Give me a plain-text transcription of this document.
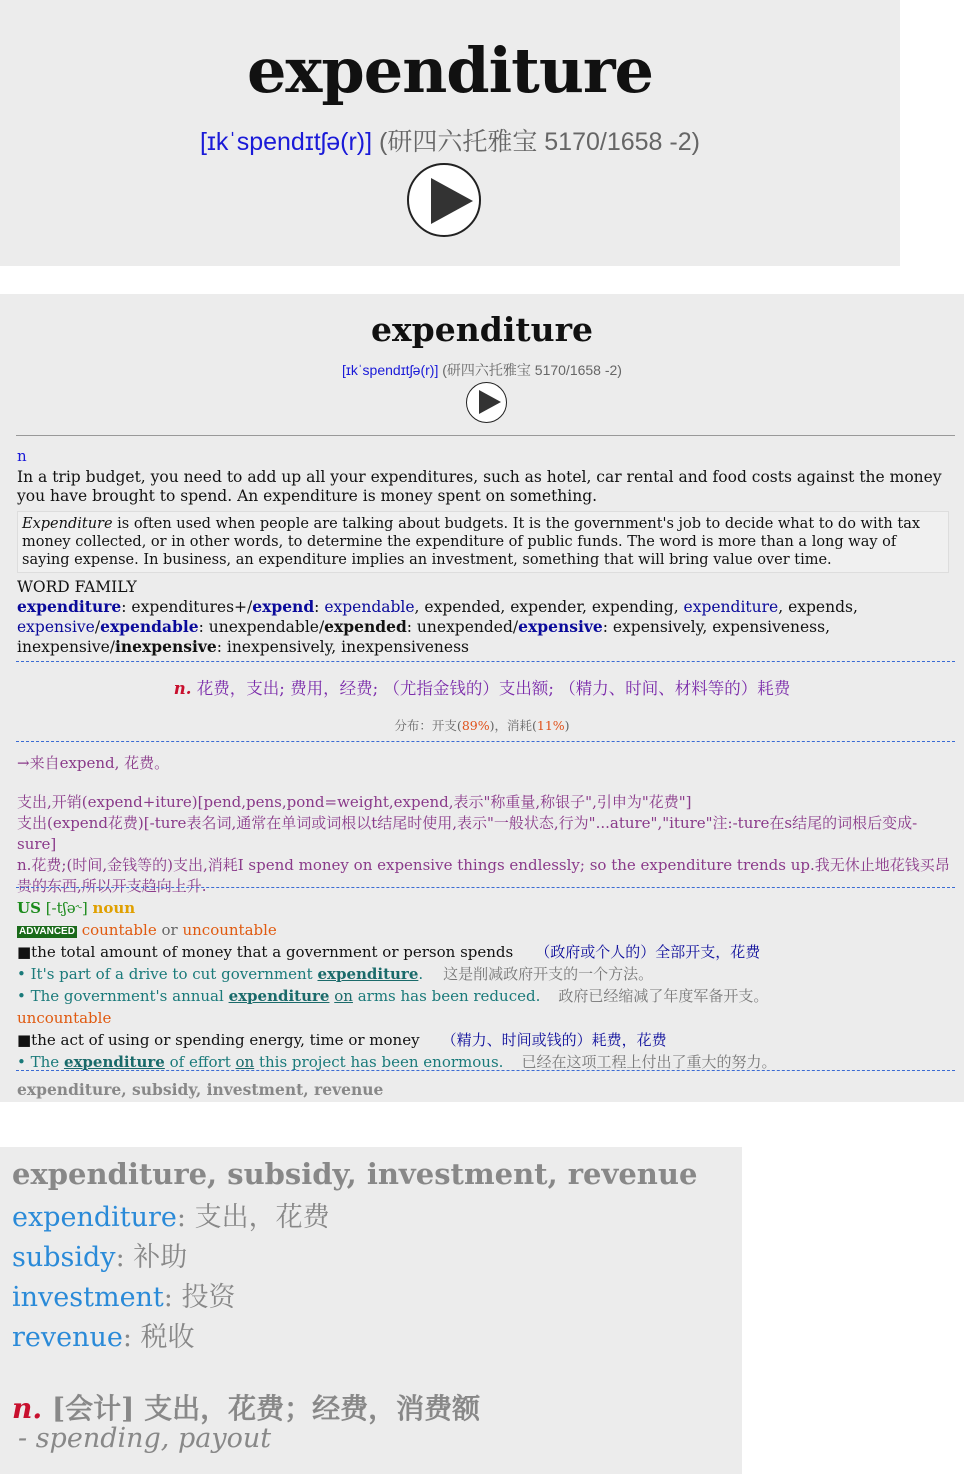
expenditure
[ɪkˈspendɪtʃə(r)] (研四六托雅宝 5170/1658 -2)
expenditure
[ɪkˈspendɪtʃə(r)] (研四六托雅宝 5170/1658 -2)
n
In a trip budget, you need to add up all your expenditures, such as hotel, car rental and food costs against the money you have brought to spend. An expenditure is money spent on something.
Expenditure is often used when people are talking about budgets. It is the government's job to decide what to do with tax money collected, or in other words, to determine the expenditure of public funds. The word is more than a long way of saying expense. In business, an expenditure implies an investment, something that will bring value over time.
WORD FAMILY
expenditure: expenditures+/expend: expendable, expended, expender, expending, expenditure, expends,
expensive/expendable: unexpendable/expended: unexpended/expensive: expensively, expensiveness,
inexpensive/inexpensive: inexpensively, inexpensiveness
n. 花费，支出; 费用，经费; （尤指金钱的）支出额; （精力、时间、材料等的）耗费
分布：开支(89%)，消耗(11%)
→来自expend, 花费。
支出,开销(expend+iture)[pend,pens,pond=weight,expend,表示"称重量,称银子",引申为"花费"]
支出(expend花费)[-ture表名词,通常在单词或词根以t结尾时使用,表示"一般状态,行为"...ature","iture"注:-ture在s结尾的词根后变成-sure]
n.花费;(时间,金钱等的)支出,消耗I spend money on expensive things endlessly; so the expenditure trends up.我无休止地花钱买昂贵的东西,所以开支趋向上升.
US [-tʃə˞] noun
ADVANCED countable or uncountable
■the total amount of money that a government or person spends （政府或个人的）全部开支，花费
• It's part of a drive to cut government expenditure. 这是削减政府开支的一个方法。
• The government's annual expenditure on arms has been reduced. 政府已经缩减了年度军备开支。
uncountable
■the act of using or spending energy, time or money （精力、时间或钱的）耗费，花费
• The expenditure of effort on this project has been enormous. 已经在这项工程上付出了重大的努力。
expenditure, subsidy, investment, revenue
expenditure, subsidy, investment, revenue
expenditure: 支出，花费
subsidy: 补助
investment: 投资
revenue: 税收
n. [会计] 支出，花费；经费，消费额
- spending, payout
